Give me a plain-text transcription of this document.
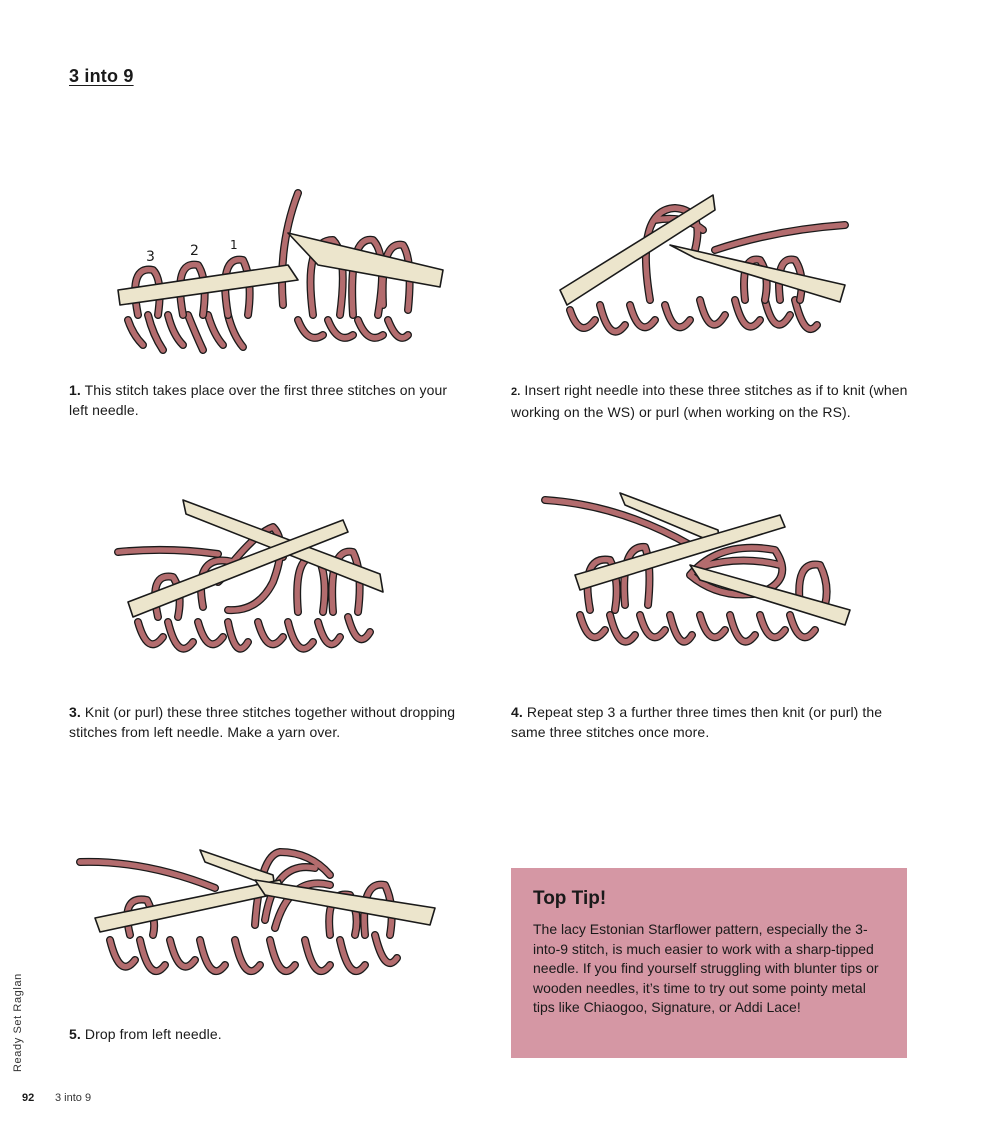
3 into 9
3	2	1
1. This stitch takes place over the first three stitches on your left needle.
2. Insert right needle into these three stitches as if to knit (when working on the WS) or purl (when working on the RS).
3. Knit (or purl) these three stitches together without dropping stitches from left needle. Make a yarn over.
4. Repeat step 3 a further three times then knit (or purl) the same three stitches once more.
5. Drop from left needle.

Top Tip!

The lacy Estonian Starflower pattern, especially the 3-into-9 stitch, is much easier to work with a sharp-tipped needle. If you find yourself struggling with blunter tips or wooden needles, it’s time to try out some pointy metal tips like Chiaogoo, Signature, or Addi Lace!

Ready Set Raglan
92 3 into 9
